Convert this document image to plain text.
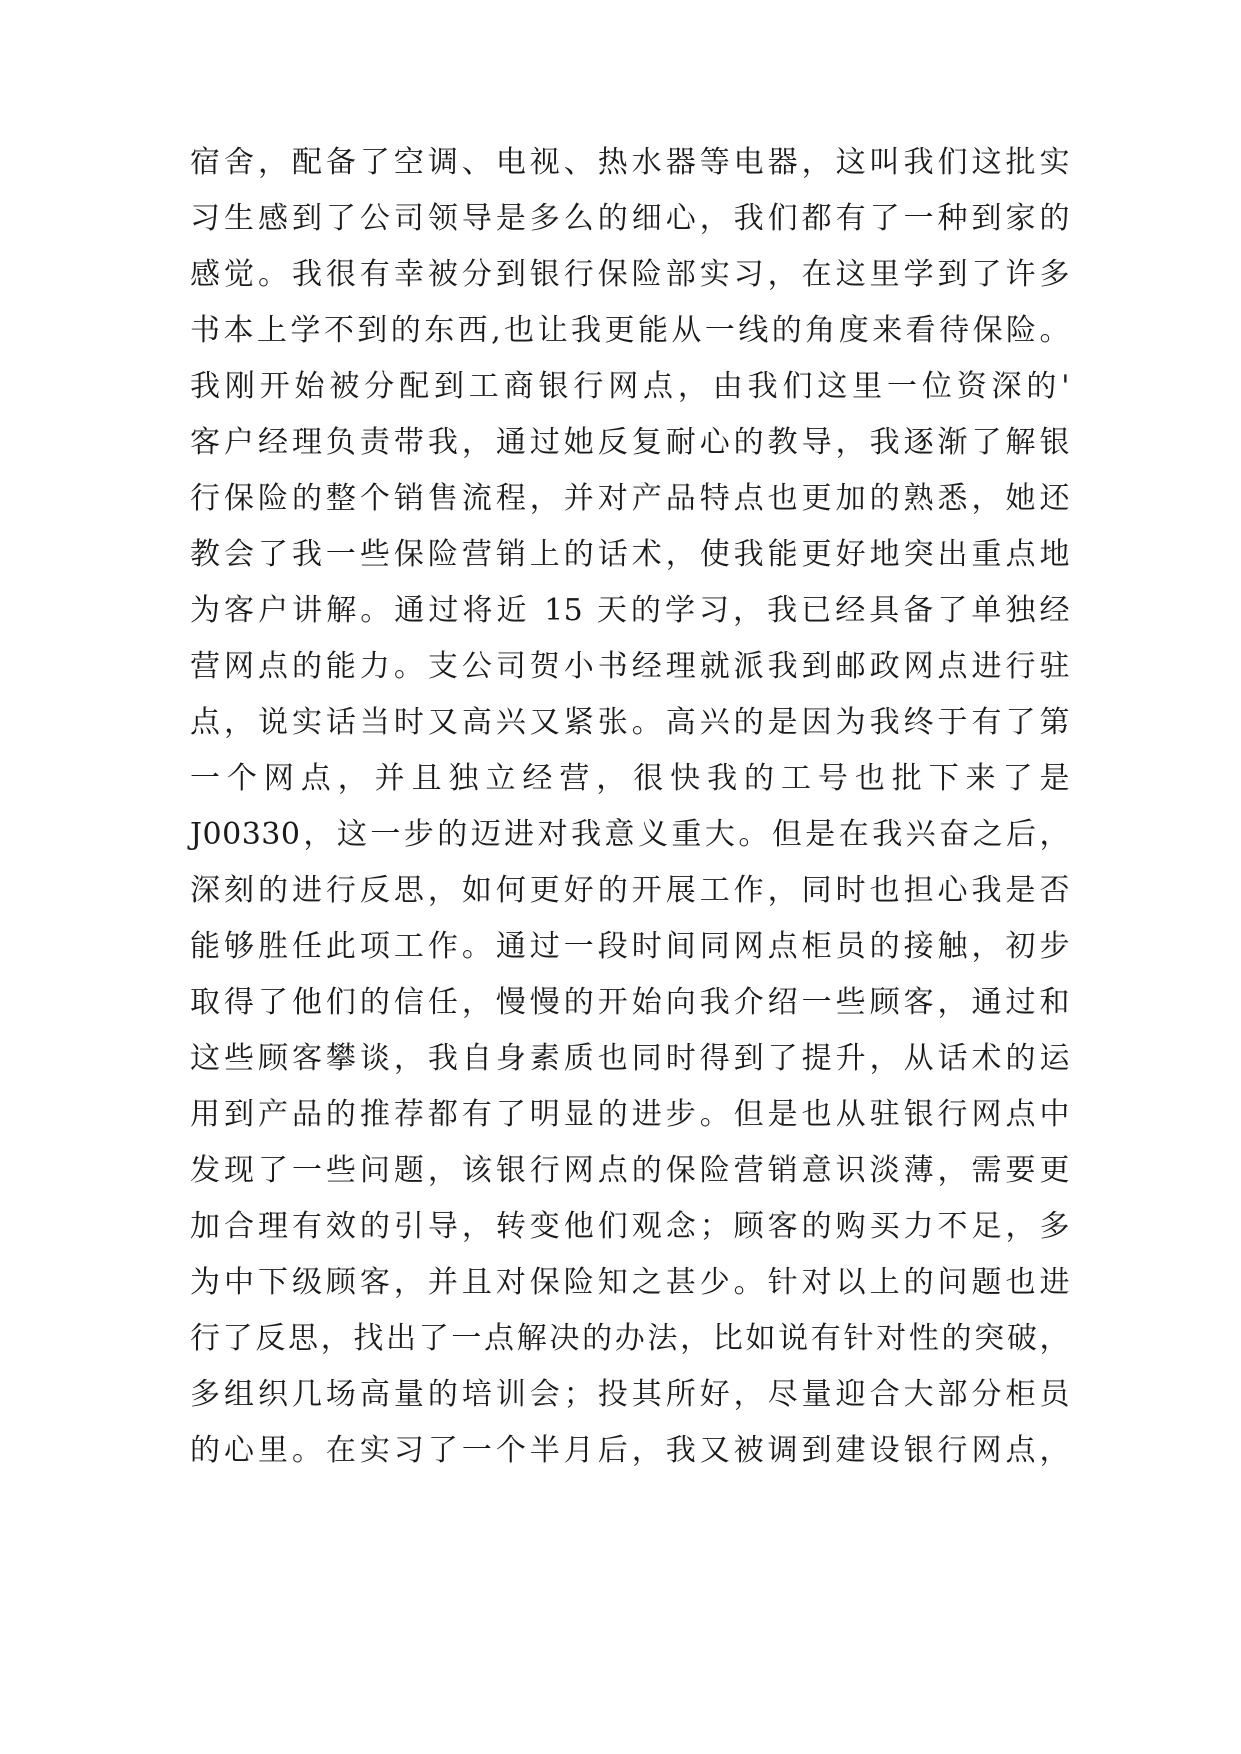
宿舍，配备了空调、电视、热水器等电器，这叫我们这批实
习生感到了公司领导是多么的细心，我们都有了一种到家的
感觉。我很有幸被分到银行保险部实习，在这里学到了许多
书本上学不到的东西,也让我更能从一线的角度来看待保险。
我刚开始被分配到工商银行网点，由我们这里一位资深的'
客户经理负责带我，通过她反复耐心的教导，我逐渐了解银
行保险的整个销售流程，并对产品特点也更加的熟悉，她还
教会了我一些保险营销上的话术，使我能更好地突出重点地
为客户讲解。通过将近 15 天的学习，我已经具备了单独经
营网点的能力。支公司贺小书经理就派我到邮政网点进行驻
点，说实话当时又高兴又紧张。高兴的是因为我终于有了第
一个网点，并且独立经营，很快我的工号也批下来了是
J00330，这一步的迈进对我意义重大。但是在我兴奋之后，
深刻的进行反思，如何更好的开展工作，同时也担心我是否
能够胜任此项工作。通过一段时间同网点柜员的接触，初步
取得了他们的信任，慢慢的开始向我介绍一些顾客，通过和
这些顾客攀谈，我自身素质也同时得到了提升，从话术的运
用到产品的推荐都有了明显的进步。但是也从驻银行网点中
发现了一些问题，该银行网点的保险营销意识淡薄，需要更
加合理有效的引导，转变他们观念；顾客的购买力不足，多
为中下级顾客，并且对保险知之甚少。针对以上的问题也进
行了反思，找出了一点解决的办法，比如说有针对性的突破，
多组织几场高量的培训会；投其所好，尽量迎合大部分柜员
的心里。在实习了一个半月后，我又被调到建设银行网点，
